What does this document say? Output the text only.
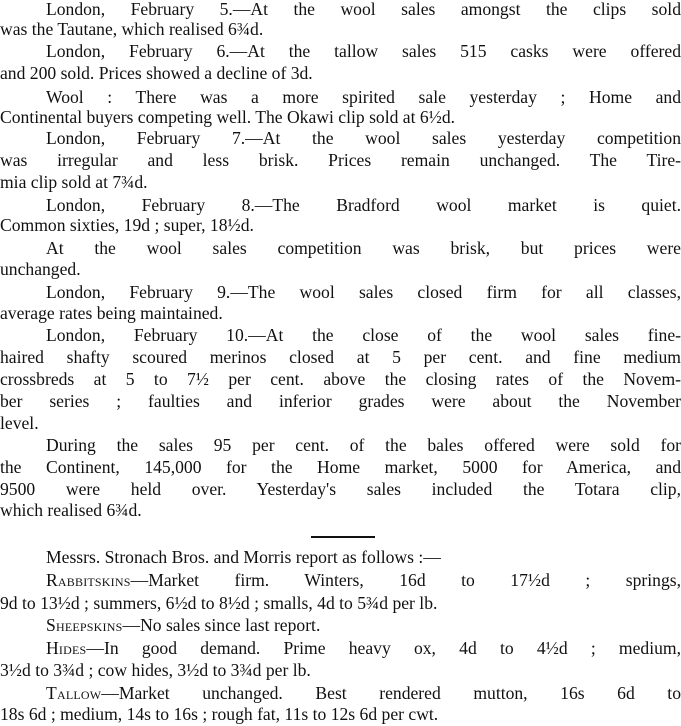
London, February 5.—At the wool sales amongst the clips sold
was the Tautane, which realised 6¾d.
London, February 6.—At the tallow sales 515 casks were offered
and 200 sold. Prices showed a decline of 3d.
Wool : There was a more spirited sale yesterday ; Home and
Continental buyers competing well. The Okawi clip sold at 6½d.
London, February 7.—At the wool sales yesterday competition
was irregular and less brisk. Prices remain unchanged. The Tire-
mia clip sold at 7¾d.
London, February 8.—The Bradford wool market is quiet.
Common sixties, 19d ; super, 18½d.
At the wool sales competition was brisk, but prices were
unchanged.
London, February 9.—The wool sales closed firm for all classes,
average rates being maintained.
London, February 10.—At the close of the wool sales fine-
haired shafty scoured merinos closed at 5 per cent. and fine medium
crossbreds at 5 to 7½ per cent. above the closing rates of the Novem-
ber series ; faulties and inferior grades were about the November
level.
During the sales 95 per cent. of the bales offered were sold for
the Continent, 145,000 for the Home market, 5000 for America, and
9500 were held over. Yesterday's sales included the Totara clip,
which realised 6¾d.
Messrs. Stronach Bros. and Morris report as follows :—
Rabbitskins—Market firm. Winters, 16d to 17½d ; springs,
9d to 13½d ; summers, 6½d to 8½d ; smalls, 4d to 5¾d per lb.
Sheepskins—No sales since last report.
Hides—In good demand. Prime heavy ox, 4d to 4½d ; medium,
3½d to 3¾d ; cow hides, 3½d to 3¾d per lb.
Tallow—Market unchanged. Best rendered mutton, 16s 6d to
18s 6d ; medium, 14s to 16s ; rough fat, 11s to 12s 6d per cwt.
